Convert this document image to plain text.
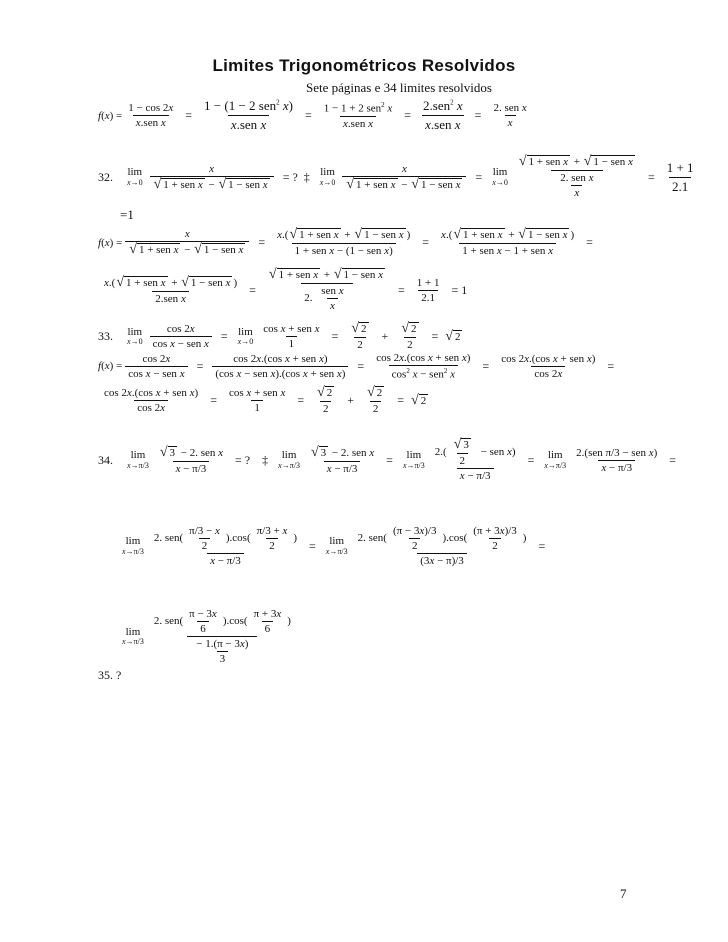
Limites Trigonométricos Resolvidos
Sete páginas e 34 limites resolvidos
f ( x ) = $\frac{1 - \cos 2x}{\text{x.sen x}} = \frac{1 - (1 - 2 sen^2 x)}{\text{x.sen x}} = \frac{1 - 1 + 2 sen^2 x}{\text{x.sen x}} = \frac{2.sen^2 x}{\text{x.sen x}} = \frac{\text{2. sen x}}{x}$
32. lim
$x\to 0 \frac{x}{\text{√ 1 + sen x − √ 1 − sen x}}$ = ?  ‡ lim
$x\to 0 \frac{x}{\text{√ 1 + sen x − √ 1 − sen x}} = \lim$
$x\to 0 \frac{\text{√ 1 + sen x + √ 1 − sen x}}{\frac{\text{2. sen x}}{x}} = \frac{1 + 1}{2.1}$
=1
f ( x ) = $\frac{x}{\text{√ 1 + sen x − √ 1 − sen x}} = \frac{\text{x.( √ 1 + sen x + √ 1 − sen x )}}{\text{1 + sen x − (1 − sen x)}} = \frac{\text{x.( √ 1 + sen x + √ 1 − sen x )}}{\text{1 + sen x − 1 + sen x}}$ =
$\frac{\text{x.( √ 1 + sen x + √ 1 − sen x )}}{\text{2.sen x}} = \frac{\text{√ 1 + sen x + √ 1 − sen x}}{2. \frac{\text{sen x}}{x}} = \frac{1 + 1}{2.1} = 1$
33. lim
$x\to 0 \frac{\cos 2x}{\text{cos x − sen x}} = \lim$
$x\to 0 \frac{\text{cos x + sen x}}{1} = \frac{√ 2}{2} + \frac{√ 2}{2}$ = √ 2
f ( x ) = $\frac{\cos 2x}{\text{cos x − sen x}} = \frac{\text{cos 2x.(cos x + sen x)}}{\text{(cos x − sen x).(cos x + sen x)}} = \frac{\text{cos 2x.(cos x + sen x)}}{\cos^2 x - sen^2 x} = \frac{\text{cos 2x.(cos x + sen x)}}{\cos 2x}$ =
$\frac{\text{cos 2x.(cos x + sen x)}}{\cos 2x} = \frac{\text{cos x + sen x}}{1} = \frac{√ 2}{2} + \frac{√ 2}{2}$ = √ 2
34. lim
$x\to\pi/3 \frac{\text{√ 3 − 2. sen x}}{x - \pi/3}$ = ?    ‡ lim
$x\to\pi/3 \frac{\text{√ 3 − 2. sen x}}{x - \pi/3} = \lim$
$x\to\pi/3 \frac{2.( \frac{√ 3}{2} - sen x)}{x - \pi/3} = \lim$
$x\to\pi/3 \frac{\text{2.(sen π/3 − sen x)}}{x - \pi/3}$ =
lim
$x\to\pi/3 \frac{2. sen( \frac{\pi/3 - x}{2} ).\cos( \frac{\pi/3 + x}{2} )}{x - \pi/3} = \lim$
$x\to\pi/3 \frac{2. sen( \frac{(\pi - 3x)/3}{2} ).\cos( \frac{(\pi + 3x)/3}{2} )}{(3x - \pi)/3}$ =
lim
$x\to\pi/3 \frac{2. sen( \frac{\pi - 3x}{6} ).\cos( \frac{\pi + 3x}{6} )}{\frac{- 1.(\pi - 3x)}{3}}$
35. ?
7
